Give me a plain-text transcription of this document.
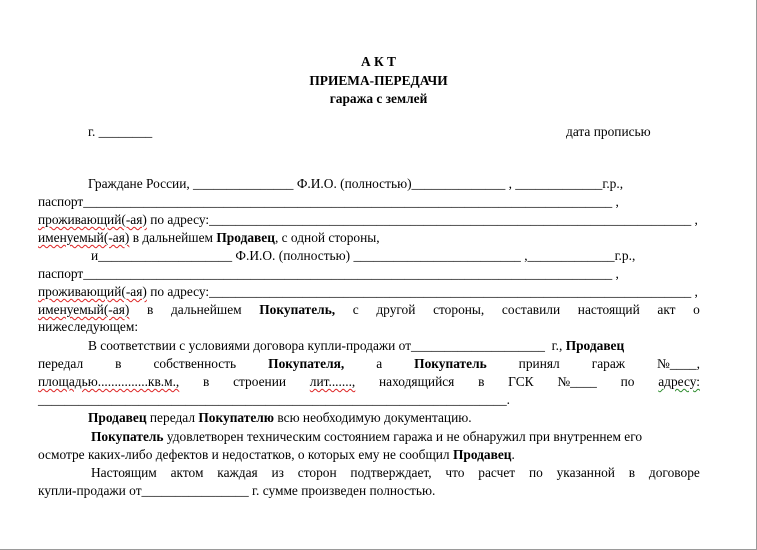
А К Т
ПРИЕМА-ПЕРЕДАЧИ
гаража с землей
г. ________	дата прописью
Граждане России, _______________ Ф.И.О. (полностью)______________ , _____________г.р.,
паспорт_______________________________________________________________________________ ,
проживающий(-ая) по адресу:________________________________________________________________________ ,
именуемый(-ая) в дальнейшем Продавец, с одной стороны,
и____________________ Ф.И.О. (полностью) _________________________ ,_____________г.р.,
паспорт_______________________________________________________________________________ ,
проживающий(-ая) по адресу:________________________________________________________________________ ,
именуемый(-ая) в дальнейшем Покупатель, с другой стороны, составили настоящий акт о
нижеследующем:
В соответствии с условиями договора купли-продажи от____________________  г., Продавец
передал в собственность Покупателя, а Покупатель принял гараж №____,
площадью...............кв.м., в строении лит......., находящийся в ГСК №____ по адресу:
______________________________________________________________________.
Продавец передал Покупателю всю необходимую документацию.
Покупатель удовлетворен техническим состоянием гаража и не обнаружил при внутреннем его
осмотре каких-либо дефектов и недостатков, о которых ему не сообщил Продавец.
Настоящим актом каждая из сторон подтверждает, что расчет по указанной в договоре
купли-продажи от________________ г. сумме произведен полностью.
